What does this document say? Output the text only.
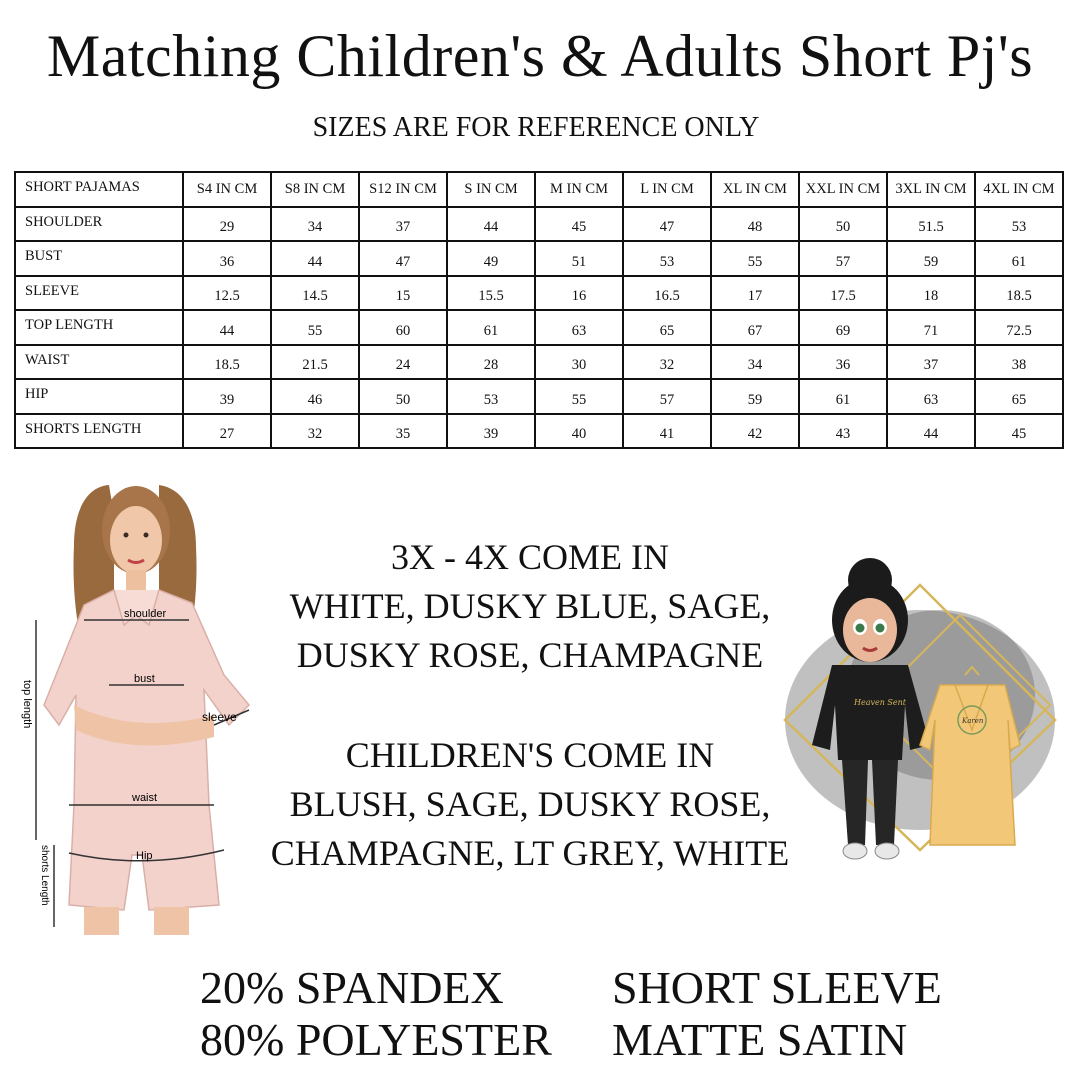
Matching Children's & Adults Short Pj's
SIZES ARE FOR REFERENCE ONLY
SHORT PAJAMAS	S4 IN CM	S8 IN CM	S12 IN CM	S IN CM	M IN CM	L IN CM	XL IN CM	XXL IN CM	3XL IN CM	4XL IN CM
SHOULDER	29	34	37	44	45	47	48	50	51.5	53
BUST	36	44	47	49	51	53	55	57	59	61
SLEEVE	12.5	14.5	15	15.5	16	16.5	17	17.5	18	18.5
TOP LENGTH	44	55	60	61	63	65	67	69	71	72.5
WAIST	18.5	21.5	24	28	30	32	34	36	37	38
HIP	39	46	50	53	55	57	59	61	63	65
SHORTS LENGTH	27	32	35	39	40	41	42	43	44	45
shoulder
bust
sleeve
top length
waist
Hip
shorts Length
3X - 4X COME IN
WHITE, DUSKY BLUE, SAGE,
DUSKY ROSE, CHAMPAGNE
CHILDREN'S COME IN
BLUSH, SAGE, DUSKY ROSE,
CHAMPAGNE, LT GREY, WHITE
Heaven Sent
Karen
20% SPANDEX
80% POLYESTER
SHORT SLEEVE
MATTE SATIN
